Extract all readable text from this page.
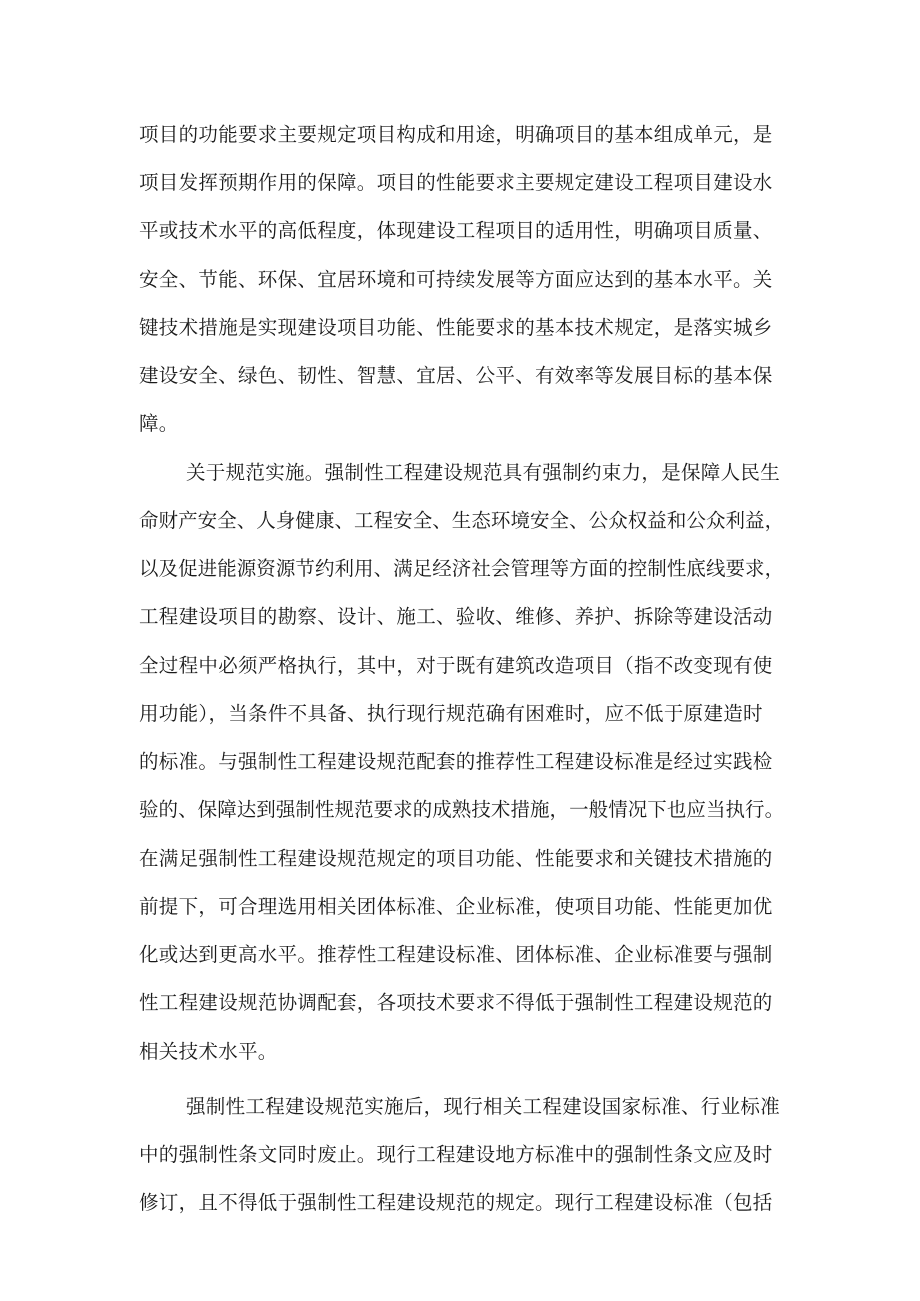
项目的功能要求主要规定项目构成和用途，明确项目的基本组成单元，是
项目发挥预期作用的保障。项目的性能要求主要规定建设工程项目建设水
平或技术水平的高低程度，体现建设工程项目的适用性，明确项目质量、
安全、节能、环保、宜居环境和可持续发展等方面应达到的基本水平。关
键技术措施是实现建设项目功能、性能要求的基本技术规定，是落实城乡
建设安全、绿色、韧性、智慧、宜居、公平、有效率等发展目标的基本保
障。
关于规范实施。强制性工程建设规范具有强制约束力，是保障人民生
命财产安全、人身健康、工程安全、生态环境安全、公众权益和公众利益，
以及促进能源资源节约利用、满足经济社会管理等方面的控制性底线要求，
工程建设项目的勘察、设计、施工、验收、维修、养护、拆除等建设活动
全过程中必须严格执行，其中，对于既有建筑改造项目（指不改变现有使
用功能），当条件不具备、执行现行规范确有困难时，应不低于原建造时
的标准。与强制性工程建设规范配套的推荐性工程建设标准是经过实践检
验的、保障达到强制性规范要求的成熟技术措施，一般情况下也应当执行。
在满足强制性工程建设规范规定的项目功能、性能要求和关键技术措施的
前提下，可合理选用相关团体标准、企业标准，使项目功能、性能更加优
化或达到更高水平。推荐性工程建设标准、团体标准、企业标准要与强制
性工程建设规范协调配套，各项技术要求不得低于强制性工程建设规范的
相关技术水平。
强制性工程建设规范实施后，现行相关工程建设国家标准、行业标准
中的强制性条文同时废止。现行工程建设地方标准中的强制性条文应及时
修订，且不得低于强制性工程建设规范的规定。现行工程建设标准（包括
